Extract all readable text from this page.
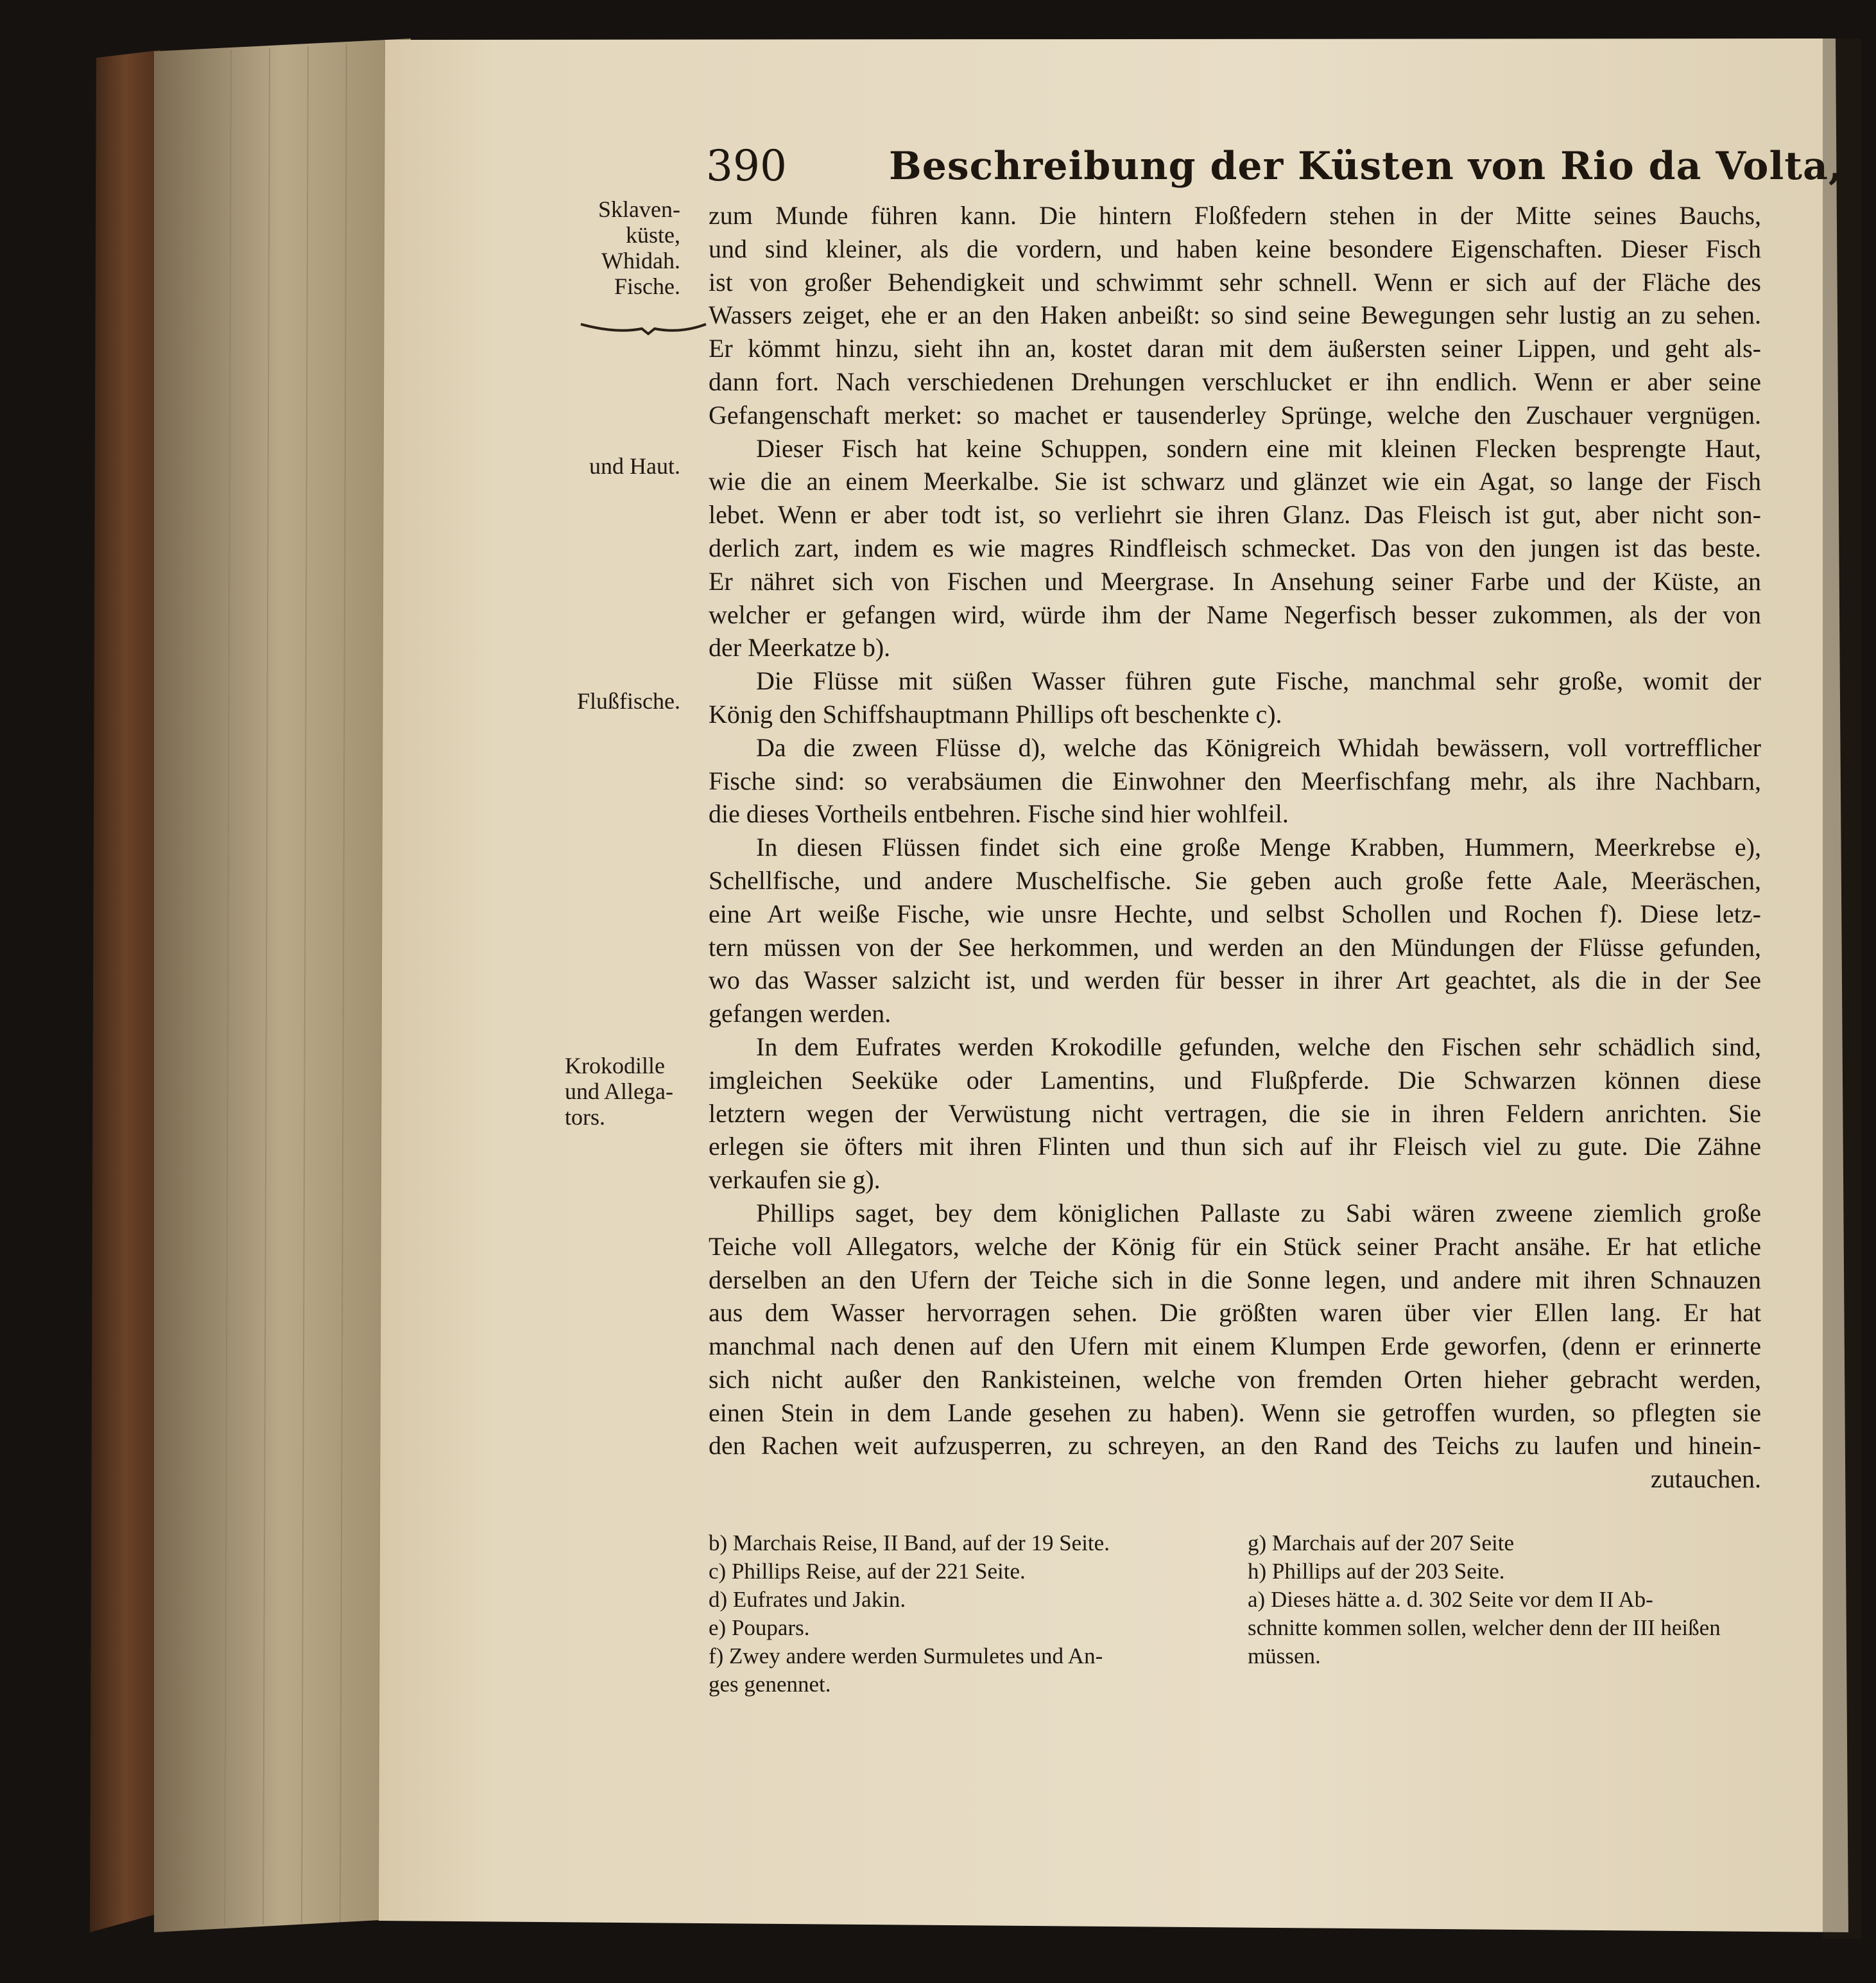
390	Beschreibung der Küsten von Rio da Volta,
Sklaven-
küste,
Whidah.
Fische.
und Haut.
Flußfische.
Krokodille
und Allega-
tors.
zum Munde führen kann. Die hintern Floßfedern stehen in der Mitte seines Bauchs,
und sind kleiner, als die vordern, und haben keine besondere Eigenschaften. Dieser Fisch
ist von großer Behendigkeit und schwimmt sehr schnell. Wenn er sich auf der Fläche des
Wassers zeiget, ehe er an den Haken anbeißt: so sind seine Bewegungen sehr lustig an zu sehen.
Er kömmt hinzu, sieht ihn an, kostet daran mit dem äußersten seiner Lippen, und geht als-
dann fort. Nach verschiedenen Drehungen verschlucket er ihn endlich. Wenn er aber seine
Gefangenschaft merket: so machet er tausenderley Sprünge, welche den Zuschauer vergnügen.
Dieser Fisch hat keine Schuppen, sondern eine mit kleinen Flecken besprengte Haut,
wie die an einem Meerkalbe. Sie ist schwarz und glänzet wie ein Agat, so lange der Fisch
lebet. Wenn er aber todt ist, so verliehrt sie ihren Glanz. Das Fleisch ist gut, aber nicht son-
derlich zart, indem es wie magres Rindfleisch schmecket. Das von den jungen ist das beste.
Er nähret sich von Fischen und Meergrase. In Ansehung seiner Farbe und der Küste, an
welcher er gefangen wird, würde ihm der Name Negerfisch besser zukommen, als der von
der Meerkatze b).
Die Flüsse mit süßen Wasser führen gute Fische, manchmal sehr große, womit der
König den Schiffshauptmann Phillips oft beschenkte c).
Da die zween Flüsse d), welche das Königreich Whidah bewässern, voll vortrefflicher
Fische sind: so verabsäumen die Einwohner den Meerfischfang mehr, als ihre Nachbarn,
die dieses Vortheils entbehren. Fische sind hier wohlfeil.
In diesen Flüssen findet sich eine große Menge Krabben, Hummern, Meerkrebse e),
Schellfische, und andere Muschelfische. Sie geben auch große fette Aale, Meeräschen,
eine Art weiße Fische, wie unsre Hechte, und selbst Schollen und Rochen f). Diese letz-
tern müssen von der See herkommen, und werden an den Mündungen der Flüsse gefunden,
wo das Wasser salzicht ist, und werden für besser in ihrer Art geachtet, als die in der See
gefangen werden.
In dem Eufrates werden Krokodille gefunden, welche den Fischen sehr schädlich sind,
imgleichen Seeküke oder Lamentins, und Flußpferde. Die Schwarzen können diese
letztern wegen der Verwüstung nicht vertragen, die sie in ihren Feldern anrichten. Sie
erlegen sie öfters mit ihren Flinten und thun sich auf ihr Fleisch viel zu gute. Die Zähne
verkaufen sie g).
Phillips saget, bey dem königlichen Pallaste zu Sabi wären zweene ziemlich große
Teiche voll Allegators, welche der König für ein Stück seiner Pracht ansähe. Er hat etliche
derselben an den Ufern der Teiche sich in die Sonne legen, und andere mit ihren Schnauzen
aus dem Wasser hervorragen sehen. Die größten waren über vier Ellen lang. Er hat
manchmal nach denen auf den Ufern mit einem Klumpen Erde geworfen, (denn er erinnerte
sich nicht außer den Rankisteinen, welche von fremden Orten hieher gebracht werden,
einen Stein in dem Lande gesehen zu haben). Wenn sie getroffen wurden, so pflegten sie
den Rachen weit aufzusperren, zu schreyen, an den Rand des Teichs zu laufen und hinein-
zutauchen.
b) Marchais Reise, II Band, auf der 19 Seite.
c) Phillips Reise, auf der 221 Seite.
d) Eufrates und Jakin.
e) Poupars.
f) Zwey andere werden Surmuletes und An-
ges genennet.
g) Marchais auf der 207 Seite
h) Phillips auf der 203 Seite.
a) Dieses hätte a. d. 302 Seite vor dem II Ab-
schnitte kommen sollen, welcher denn der III heißen
müssen.
